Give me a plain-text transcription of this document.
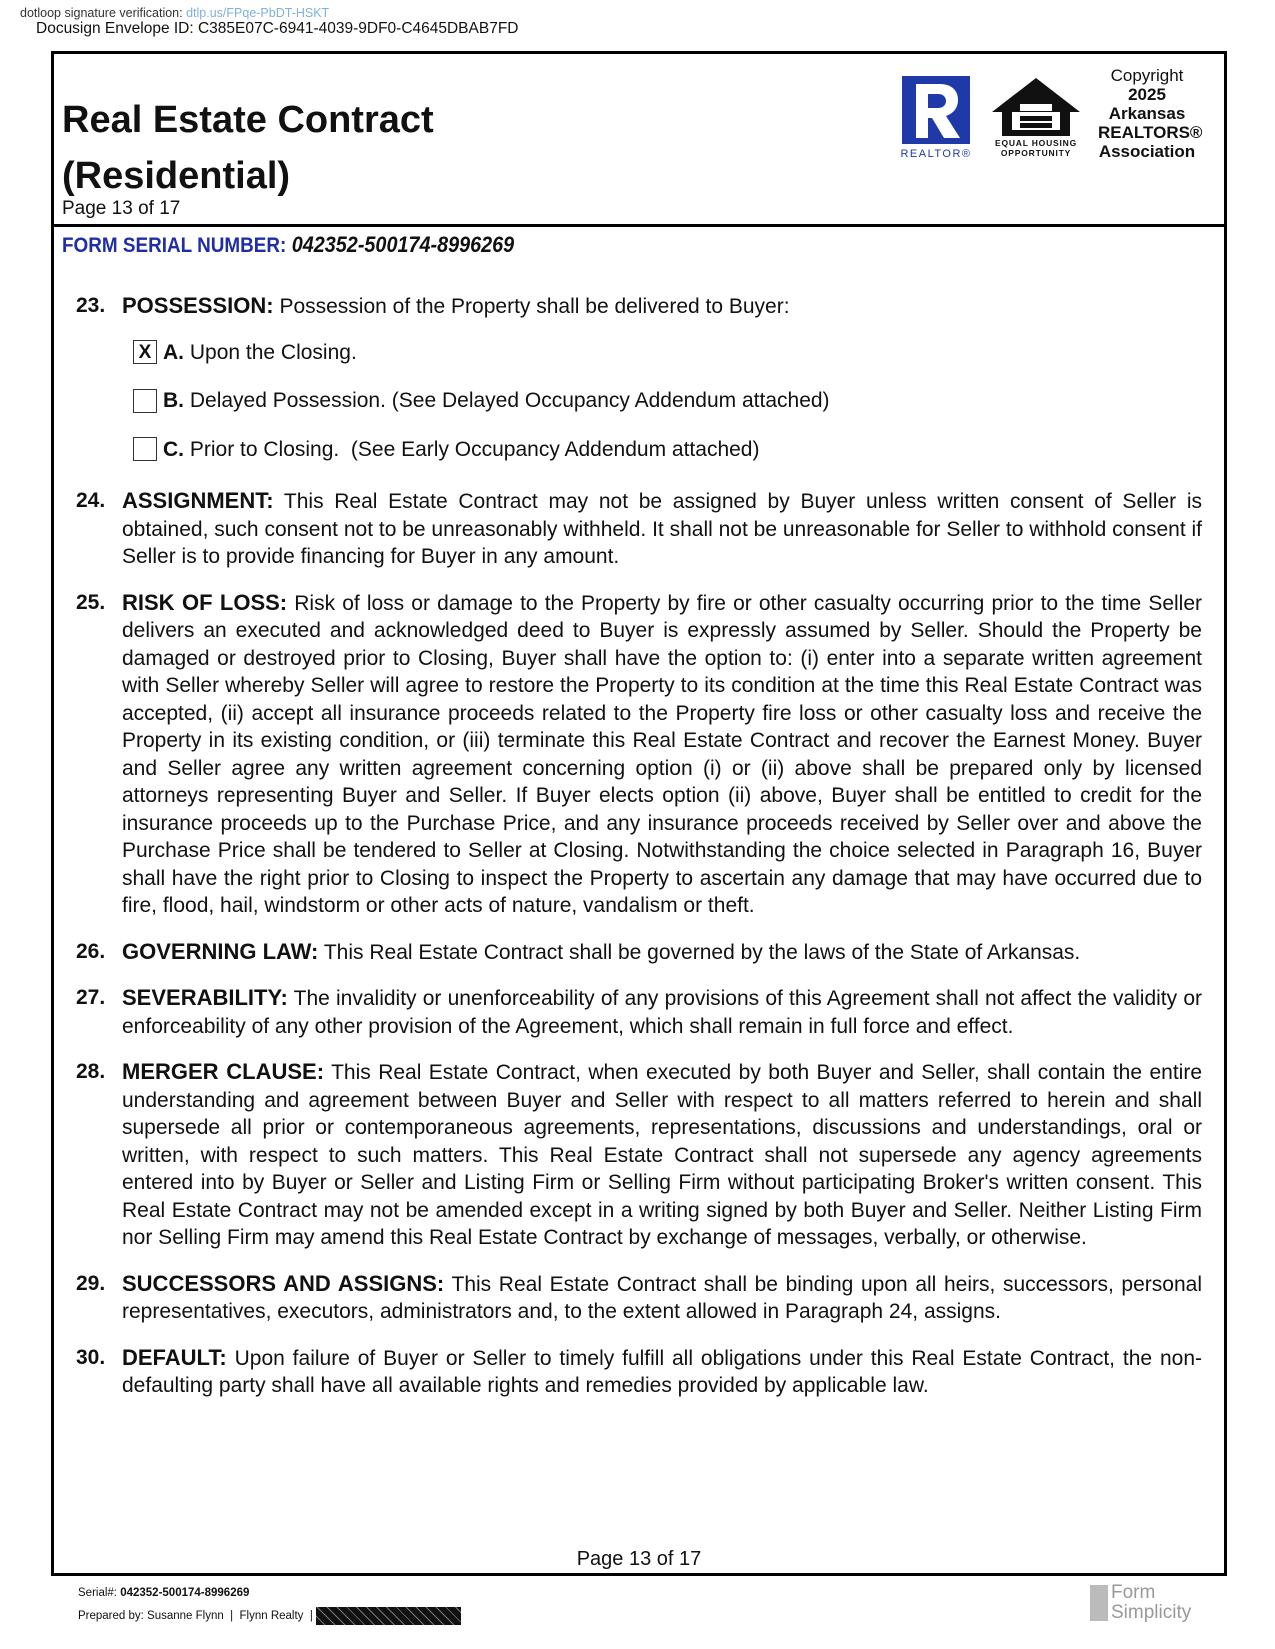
dotloop signature verification: dtlp.us/FPqe-PbDT-HSKT
Docusign Envelope ID: C385E07C-6941-4039-9DF0-C4645DBAB7FD
Real Estate Contract
(Residential)
Page 13 of 17
REALTOR®
EQUAL HOUSING
OPPORTUNITY
Copyright
2025
Arkansas
REALTORS®
Association
FORM SERIAL NUMBER: 042352-500174-8996269
23. POSSESSION: Possession of the Property shall be delivered to Buyer:
X A.
Upon the Closing.
B.
Delayed Possession. (See Delayed Occupancy Addendum attached)
C.
Prior to Closing.  (See Early Occupancy Addendum attached)
24. ASSIGNMENT: This Real Estate Contract may not be assigned by Buyer unless written consent of Seller is obtained, such consent not to be unreasonably withheld. It shall not be unreasonable for Seller to withhold consent if Seller is to provide financing for Buyer in any amount.
25. RISK OF LOSS: Risk of loss or damage to the Property by fire or other casualty occurring prior to the time Seller delivers an executed and acknowledged deed to Buyer is expressly assumed by Seller. Should the Property be damaged or destroyed prior to Closing, Buyer shall have the option to: (i) enter into a separate written agreement with Seller whereby Seller will agree to restore the Property to its condition at the time this Real Estate Contract was accepted, (ii) accept all insurance proceeds related to the Property fire loss or other casualty loss and receive the Property in its existing condition, or (iii) terminate this Real Estate Contract and recover the Earnest Money. Buyer and Seller agree any written agreement concerning option (i) or (ii) above shall be prepared only by licensed attorneys representing Buyer and Seller. If Buyer elects option (ii) above, Buyer shall be entitled to credit for the insurance proceeds up to the Purchase Price, and any insurance proceeds received by Seller over and above the Purchase Price shall be tendered to Seller at Closing. Notwithstanding the choice selected in Paragraph 16, Buyer shall have the right prior to Closing to inspect the Property to ascertain any damage that may have occurred due to fire, flood, hail, windstorm or other acts of nature, vandalism or theft.
26. GOVERNING LAW: This Real Estate Contract shall be governed by the laws of the State of Arkansas.
27. SEVERABILITY: The invalidity or unenforceability of any provisions of this Agreement shall not affect the validity or enforceability of any other provision of the Agreement, which shall remain in full force and effect.
28. MERGER CLAUSE: This Real Estate Contract, when executed by both Buyer and Seller, shall contain the entire understanding and agreement between Buyer and Seller with respect to all matters referred to herein and shall supersede all prior or contemporaneous agreements, representations, discussions and understandings, oral or written, with respect to such matters. This Real Estate Contract shall not supersede any agency agreements entered into by Buyer or Seller and Listing Firm or Selling Firm without participating Broker's written consent. This Real Estate Contract may not be amended except in a writing signed by both Buyer and Seller. Neither Listing Firm nor Selling Firm may amend this Real Estate Contract by exchange of messages, verbally, or otherwise.
29. SUCCESSORS AND ASSIGNS: This Real Estate Contract shall be binding upon all heirs, successors, personal representatives, executors, administrators and, to the extent allowed in Paragraph 24, assigns.
30. DEFAULT: Upon failure of Buyer or Seller to timely fulfill all obligations under this Real Estate Contract, the non-defaulting party shall have all available rights and remedies provided by applicable law.
Page 13 of 17
Serial#: 042352-500174-8996269
Prepared by: Susanne Flynn  |  Flynn Realty  |
Form
Simplicity
